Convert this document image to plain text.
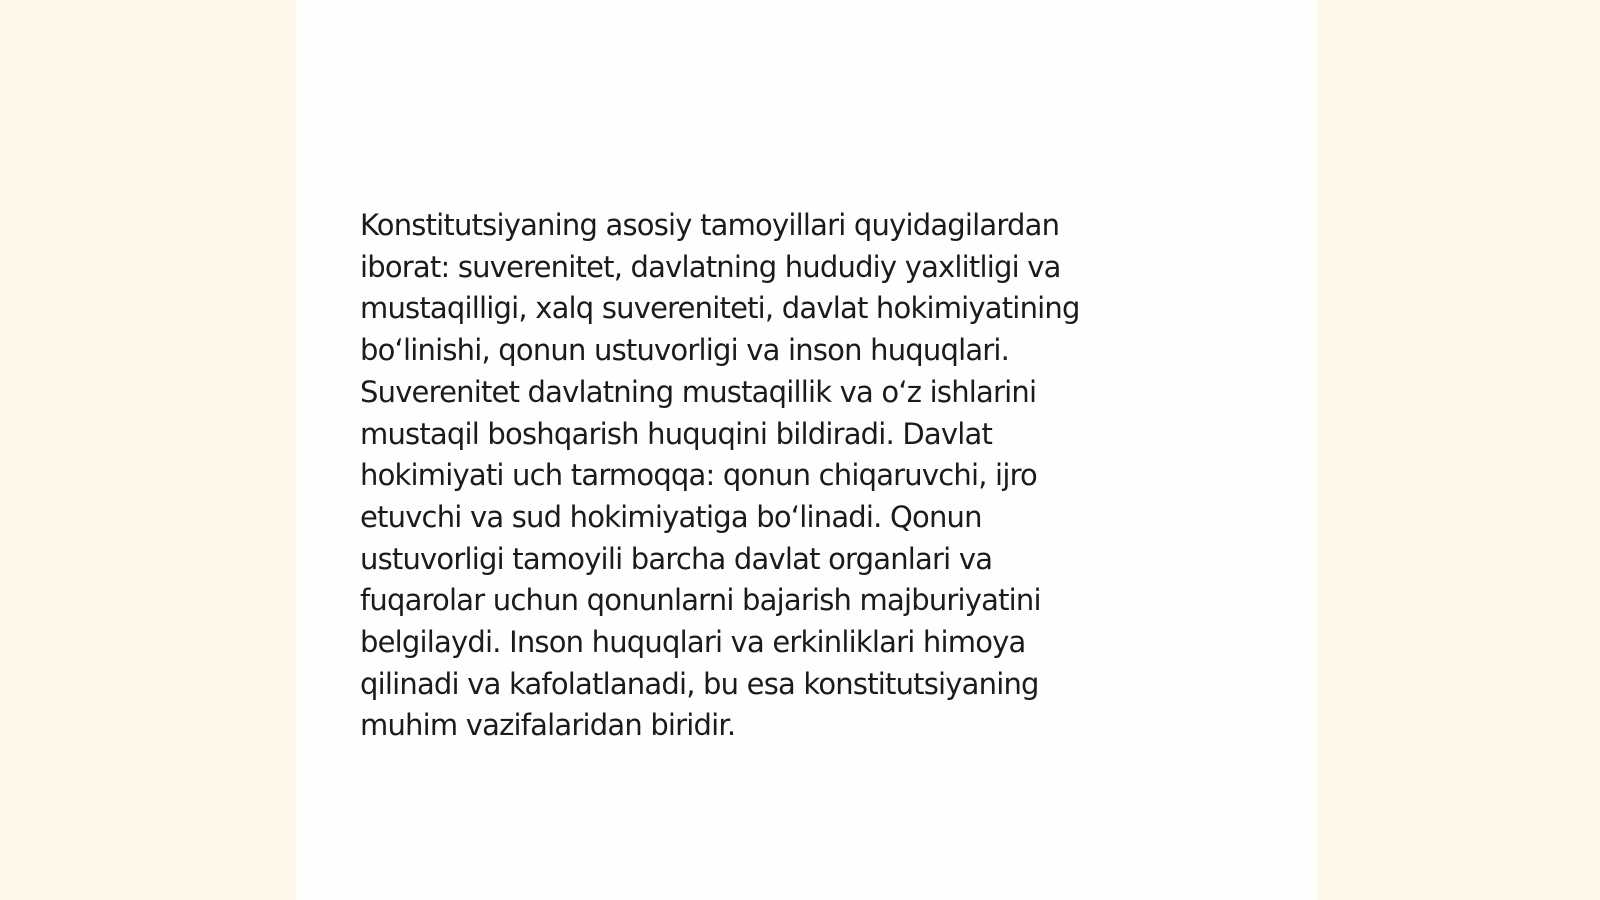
Konstitutsiyaning asosiy tamoyillari quyidagilardan
iborat: suverenitet, davlatning hududiy yaxlitligi va
mustaqilligi, xalq suvereniteti, davlat hokimiyatining
bo‘linishi, qonun ustuvorligi va inson huquqlari.
Suverenitet davlatning mustaqillik va o‘z ishlarini
mustaqil boshqarish huquqini bildiradi. Davlat
hokimiyati uch tarmoqqa: qonun chiqaruvchi, ijro
etuvchi va sud hokimiyatiga bo‘linadi. Qonun
ustuvorligi tamoyili barcha davlat organlari va
fuqarolar uchun qonunlarni bajarish majburiyatini
belgilaydi. Inson huquqlari va erkinliklari himoya
qilinadi va kafolatlanadi, bu esa konstitutsiyaning
muhim vazifalaridan biridir.
